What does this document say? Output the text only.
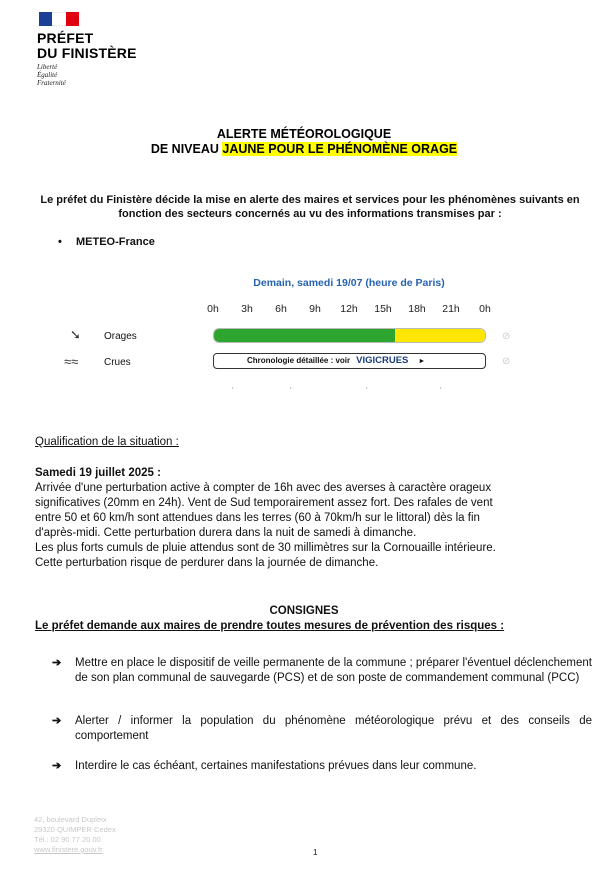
PRÉFET
DU FINISTÈRE
Liberté
Égalité
Fraternité
ALERTE MÉTÉOROLOGIQUE
DE NIVEAU JAUNE POUR LE PHÉNOMÈNE ORAGE
Le préfet du Finistère décide la mise en alerte des maires et services pour les phénomènes suivants en fonction des secteurs concernés au vu des informations transmises par :
• METEO-France
Demain, samedi 19/07 (heure de Paris)
0h 3h 6h 9h 12h 15h 18h 21h 0h
➘ Orages	⊘
≈≈	Crues	Chronologie détaillée : voir VIGICRUES ►	⊘
'	'	'	'
Qualification de la situation :
Samedi 19 juillet 2025 :
Arrivée d'une perturbation active à compter de 16h avec des averses à caractère orageux
significatives (20mm en 24h). Vent de Sud temporairement assez fort. Des rafales de vent
entre 50 et 60 km/h sont attendues dans les terres (60 à 70km/h sur le littoral) dès la fin
d'après-midi. Cette perturbation durera dans la nuit de samedi à dimanche.
Les plus forts cumuls de pluie attendus sont de 30 millimètres sur la Cornouaille intérieure.
Cette perturbation risque de perdurer dans la journée de dimanche.
CONSIGNES
Le préfet demande aux maires de prendre toutes mesures de prévention des risques :
➔ Mettre en place le dispositif de veille permanente de la commune ; préparer l'éventuel déclenchement de son plan communal de sauvegarde (PCS) et de son poste de commandement communal (PCC)
➔ Alerter / informer la population du phénomène météorologique prévu et des conseils de comportement
➔ Interdire le cas échéant, certaines manifestations prévues dans leur commune.
42, boulevard Dupleix
29320 QUIMPER Cedex
Tél : 02 90 77 20 00
www.finistere.gouv.fr	1
